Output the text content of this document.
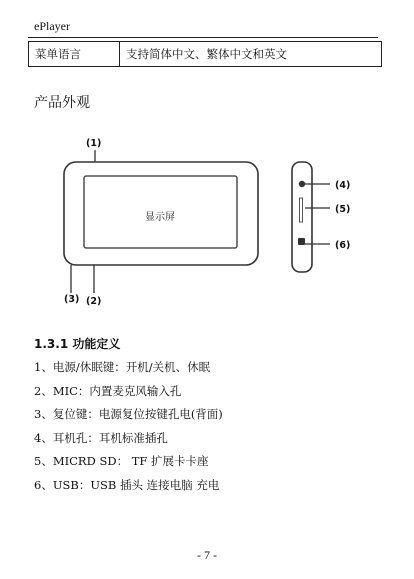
ePlayer
菜单语言	支持简体中文、繁体中文和英文
产品外观
显示屏
(1)
(2)
(3)
(4)
(5)
(6)
1.3.1 功能定义
1、电源/休眠键：开机/关机、休眠
2、MIC：内置麦克风输入孔
3、复位键：电源复位按键孔电(背面)
4、耳机孔：耳机标准插孔
5、MICRD SD： TF 扩展卡卡座
6、USB：USB 插头 连接电脑 充电
- 7 -
